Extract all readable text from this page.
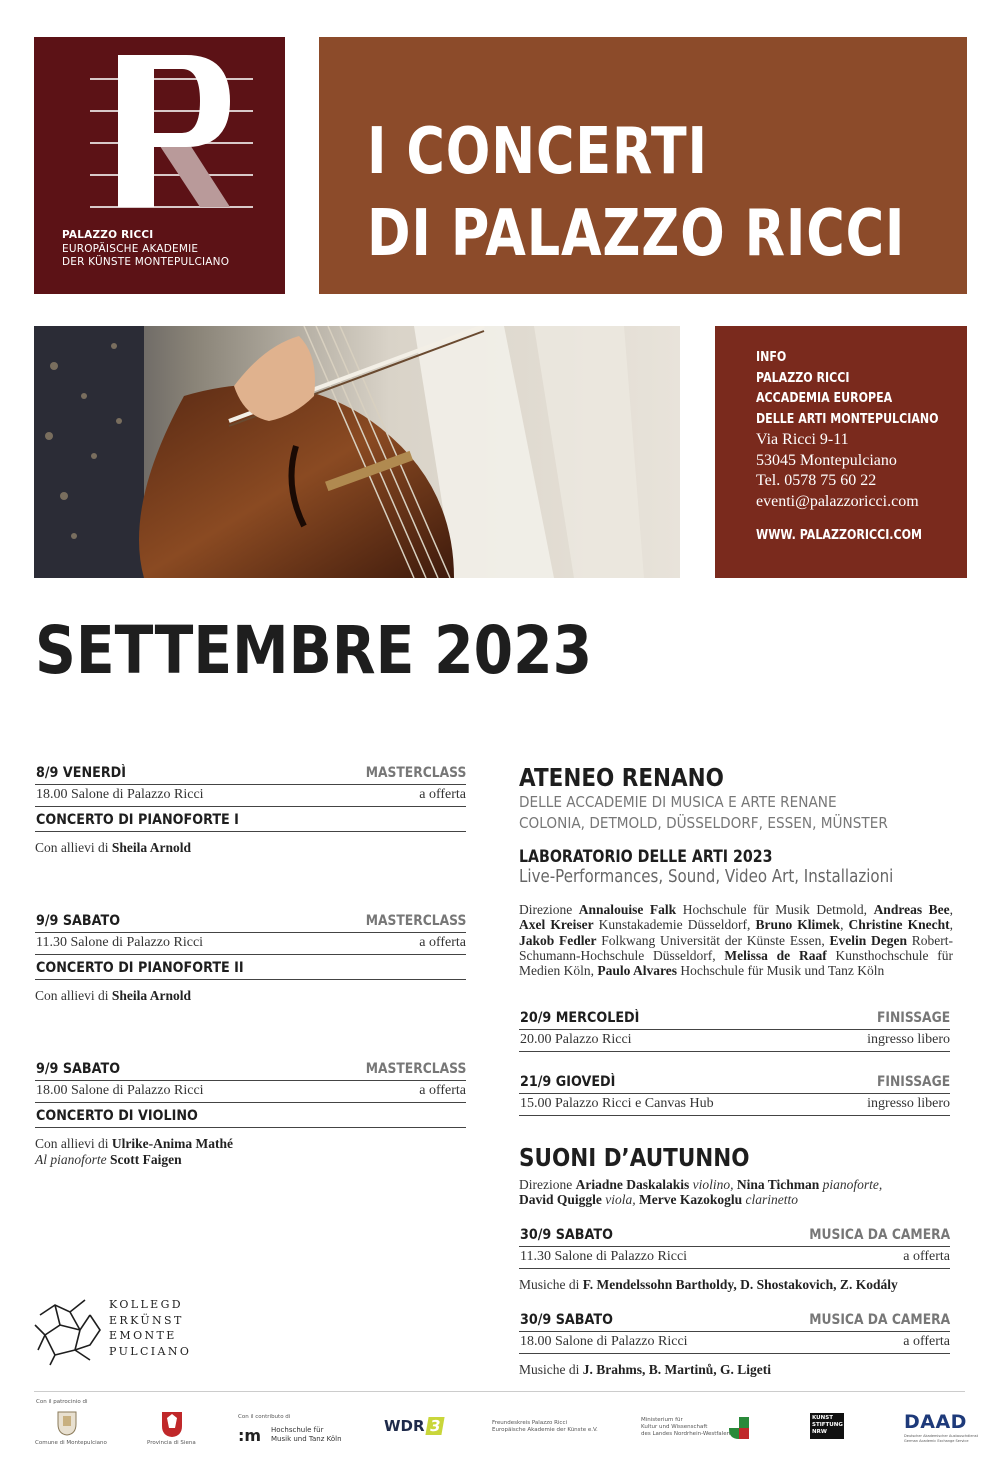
PALAZZO RICCI
EUROPÄISCHE AKADEMIE
DER KÜNSTE MONTEPULCIANO
I CONCERTI
DI PALAZZO RICCI
INFO
PALAZZO RICCI
ACCADEMIA EUROPEA
DELLE ARTI MONTEPULCIANO
Via Ricci 9-11
53045 Montepulciano
Tel. 0578 75 60 22
eventi@palazzoricci.com
WWW. PALAZZORICCI.COM
SETTEMBRE 2023
8/9 VENERDÌ	MASTERCLASS
18.00 Salone di Palazzo Ricci	a offerta
CONCERTO DI PIANOFORTE I
Con allievi di Sheila Arnold
9/9 SABATO	MASTERCLASS
11.30 Salone di Palazzo Ricci	a offerta
CONCERTO DI PIANOFORTE II
Con allievi di Sheila Arnold
9/9 SABATO	MASTERCLASS
18.00 Salone di Palazzo Ricci	a offerta
CONCERTO DI VIOLINO
Con allievi di Ulrike-Anima Mathé
Al pianoforte Scott Faigen
ATENEO RENANO
DELLE ACCADEMIE DI MUSICA E ARTE RENANE
COLONIA, DETMOLD, DÜSSELDORF, ESSEN, MÜNSTER
LABORATORIO DELLE ARTI 2023
Live-Performances, Sound, Video Art, Installazioni
Direzione Annalouise Falk Hochschule für Musik Detmold, Andreas Bee, Axel Kreiser Kunstakademie Düsseldorf, Bruno Klimek, Christine Knecht, Jakob Fedler Folkwang Universität der Künste Essen, Evelin Degen Robert-Schumann-Hochschule Düsseldorf, Melissa de Raaf Kunsthochschule für Medien Köln, Paulo Alvares Hochschule für Musik und Tanz Köln
20/9 MERCOLEDÌ	FINISSAGE
20.00 Palazzo Ricci	ingresso libero
21/9 GIOVEDÌ	FINISSAGE
15.00 Palazzo Ricci e Canvas Hub	ingresso libero
SUONI D’AUTUNNO
Direzione Ariadne Daskalakis violino, Nina Tichman pianoforte,
David Quiggle viola, Merve Kazokoglu clarinetto
30/9 SABATO	MUSICA DA CAMERA
11.30 Salone di Palazzo Ricci	a offerta
Musiche di F. Mendelssohn Bartholdy, D. Shostakovich, Z. Kodály
30/9 SABATO	MUSICA DA CAMERA
18.00 Salone di Palazzo Ricci	a offerta
Musiche di J. Brahms, B. Martinů, G. Ligeti
KOLLEGD
ERKÜNST
EMONTE
PULCIANO
Con il patrocinio di
Comune di Montepulciano	Provincia di Siena
Con il contributo di
:m Hochschule für
Musik und Tanz Köln
WDR 3	Freundeskreis Palazzo Ricci
Europäische Akademie der Künste e.V.
Ministerium für
Kultur und Wissenschaft
des Landes Nordrhein-Westfalen
KUNST
STIFTUNG
NRW	DAAD
Deutscher Akademischer Austauschdienst
German Academic Exchange Service
